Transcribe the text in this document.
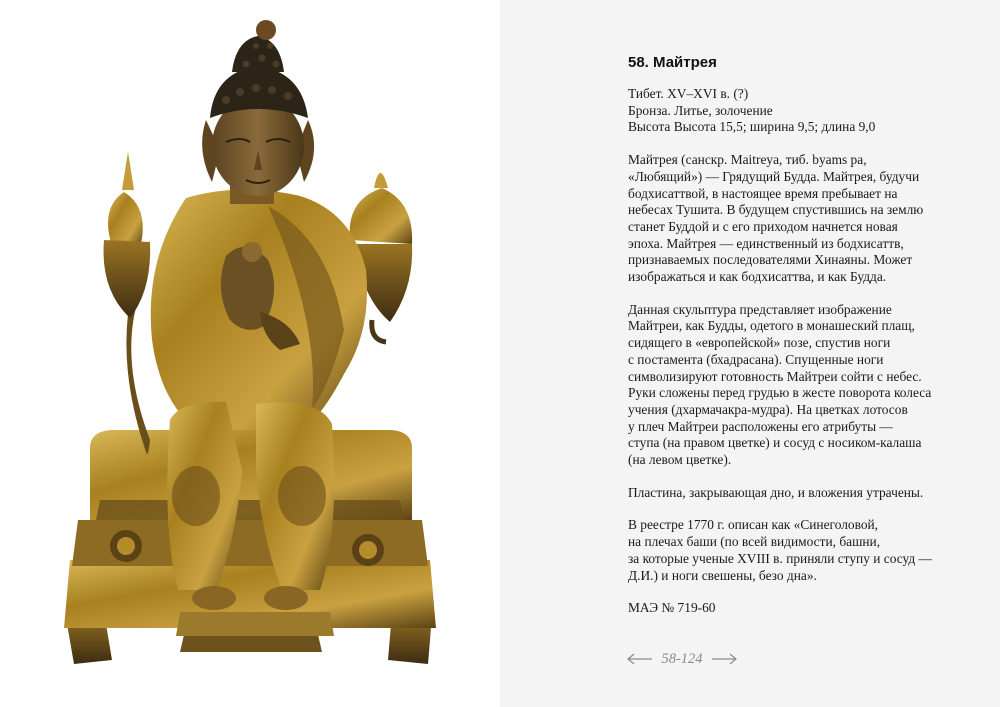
58. Майтрея
Тибет. XV–XVI в. (?)
Бронза. Литье, золочение
Высота Высота 15,5; ширина 9,5; длина 9,0
Майтрея (санскр. Maitreya, тиб. byams pa,
«Любящий») — Грядущий Будда. Майтрея, будучи
бодхисаттвой, в настоящее время пребывает на
небесах Тушита. В будущем спустившись на землю
станет Буддой и с его приходом начнется новая
эпоха. Майтрея — единственный из бодхисаттв,
признаваемых последователями Хинаяны. Может
изображаться и как бодхисаттва, и как Будда.
Данная скульптура представляет изображение
Майтреи, как Будды, одетого в монашеский плащ,
сидящего в «европейской» позе, спустив ноги
с постамента (бхадрасана). Спущенные ноги
символизируют готовность Майтреи сойти с небес.
Руки сложены перед грудью в жесте поворота колеса
учения (дхармачакра-мудра). На цветках лотосов
у плеч Майтреи расположены его атрибуты —
ступа (на правом цветке) и сосуд с носиком-калаша
(на левом цветке).
Пластина, закрывающая дно, и вложения утрачены.
В реестре 1770 г. описан как «Синеголовой,
на плечах баши (по всей видимости, башни,
за которые ученые XVIII в. приняли ступу и сосуд —
Д.И.) и ноги свешены, безо дна».
МАЭ № 719-60
58-124
